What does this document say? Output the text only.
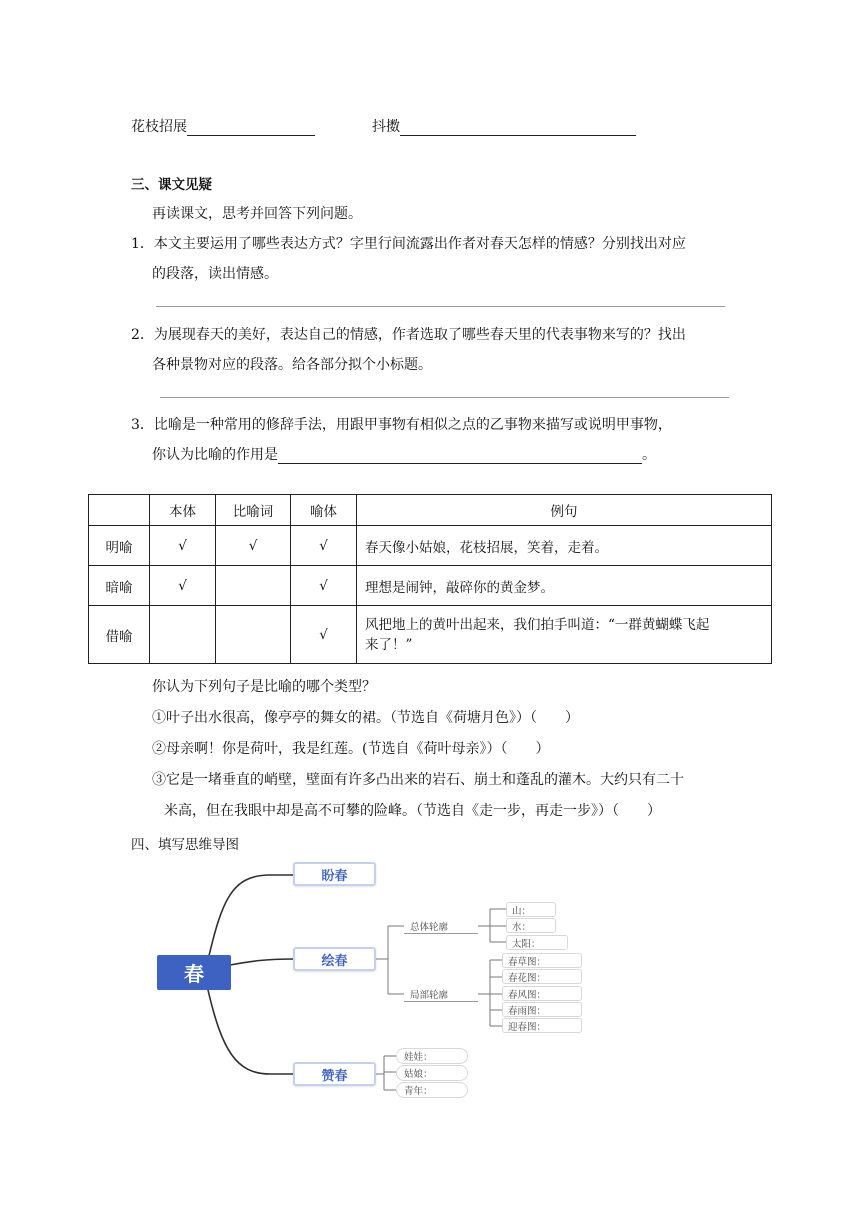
花枝招展	抖擞
三、课文见疑
再读课文，思考并回答下列问题。
1．本文主要运用了哪些表达方式？字里行间流露出作者对春天怎样的情感？分别找出对应
的段落，读出情感。
2．为展现春天的美好，表达自己的情感，作者选取了哪些春天里的代表事物来写的？找出
各种景物对应的段落。给各部分拟个小标题。
3．比喻是一种常用的修辞手法，用跟甲事物有相似之点的乙事物来描写或说明甲事物，
你认为比喻的作用是	。
	本体	比喻词	喻体	例句
明喻	√	√	√	春天像小姑娘，花枝招展，笑着，走着。
暗喻	√		√	理想是闹钟，敲碎你的黄金梦。
借喻			√	风把地上的黄叶出起来，我们拍手叫道：“一群黄蝴蝶飞起
来了！”
你认为下列句子是比喻的哪个类型？
①叶子出水很高，像亭亭的舞女的裙。（节选自《荷塘月色》）（　　）
②母亲啊！你是荷叶，我是红莲。(节选自《荷叶母亲》）（　　）
③它是一堵垂直的峭壁，壁面有许多凸出来的岩石、崩土和蓬乱的灌木。大约只有二十
米高，但在我眼中却是高不可攀的险峰。（节选自《走一步，再走一步》）（　　）
四、填写思维导图
春
盼春
绘春
赞春
总体轮廓
局部轮廓
山：
水：
太阳：
春草图：
春花图：
春风图：
春雨图：
迎春图：
娃娃：
姑娘：
青年：
